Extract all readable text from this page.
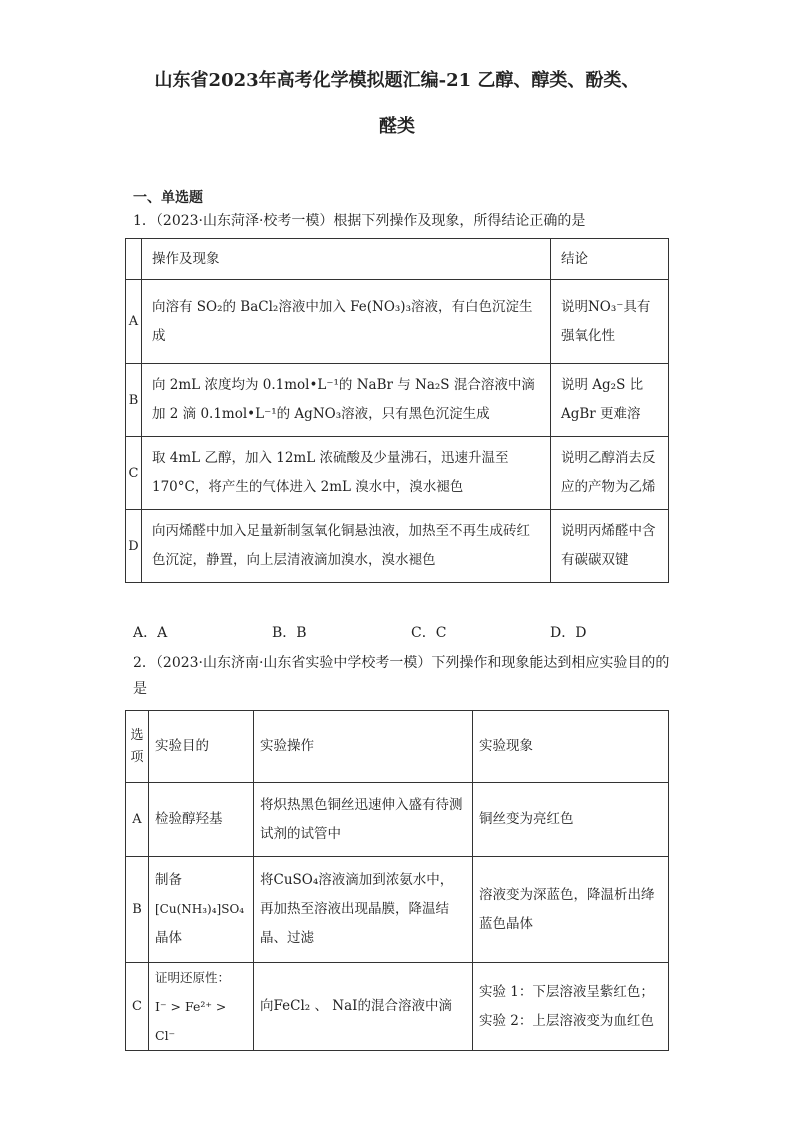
山东省2023年高考化学模拟题汇编-21 乙醇、醇类、酚类、
醛类
一、单选题
1．（2023·山东菏泽·校考一模）根据下列操作及现象，所得结论正确的是
	操作及现象	结论
A	向溶有 SO₂的 BaCl₂溶液中加入 Fe(NO₃)₃溶液，有白色沉淀生成	说明NO₃⁻具有强氧化性
B	向 2mL 浓度均为 0.1mol•L⁻¹的 NaBr 与 Na₂S 混合溶液中滴加 2 滴 0.1mol•L⁻¹的 AgNO₃溶液，只有黑色沉淀生成	说明 Ag₂S 比 AgBr 更难溶
C	取 4mL 乙醇，加入 12mL 浓硫酸及少量沸石，迅速升温至 170°C，将产生的气体进入 2mL 溴水中，溴水褪色	说明乙醇消去反应的产物为乙烯
D	向丙烯醛中加入足量新制氢氧化铜悬浊液，加热至不再生成砖红色沉淀，静置，向上层清液滴加溴水，溴水褪色	说明丙烯醛中含有碳碳双键
A．A	B．B	C．C	D．D
2．（2023·山东济南·山东省实验中学校考一模）下列操作和现象能达到相应实验目的的
是
选项	实验目的	实验操作	实验现象
A	检验醇羟基	将炽热黑色铜丝迅速伸入盛有待测试剂的试管中	铜丝变为亮红色
B	制备
[Cu(NH₃)₄]SO₄
晶体	将CuSO₄溶液滴加到浓氨水中，再加热至溶液出现晶膜，降温结晶、过滤	溶液变为深蓝色，降温析出绛蓝色晶体
C	证明还原性：
I⁻ > Fe²⁺ > Cl⁻	向FeCl₂ 、 NaI的混合溶液中滴	实验 1：下层溶液呈紫红色；实验 2：上层溶液变为血红色
